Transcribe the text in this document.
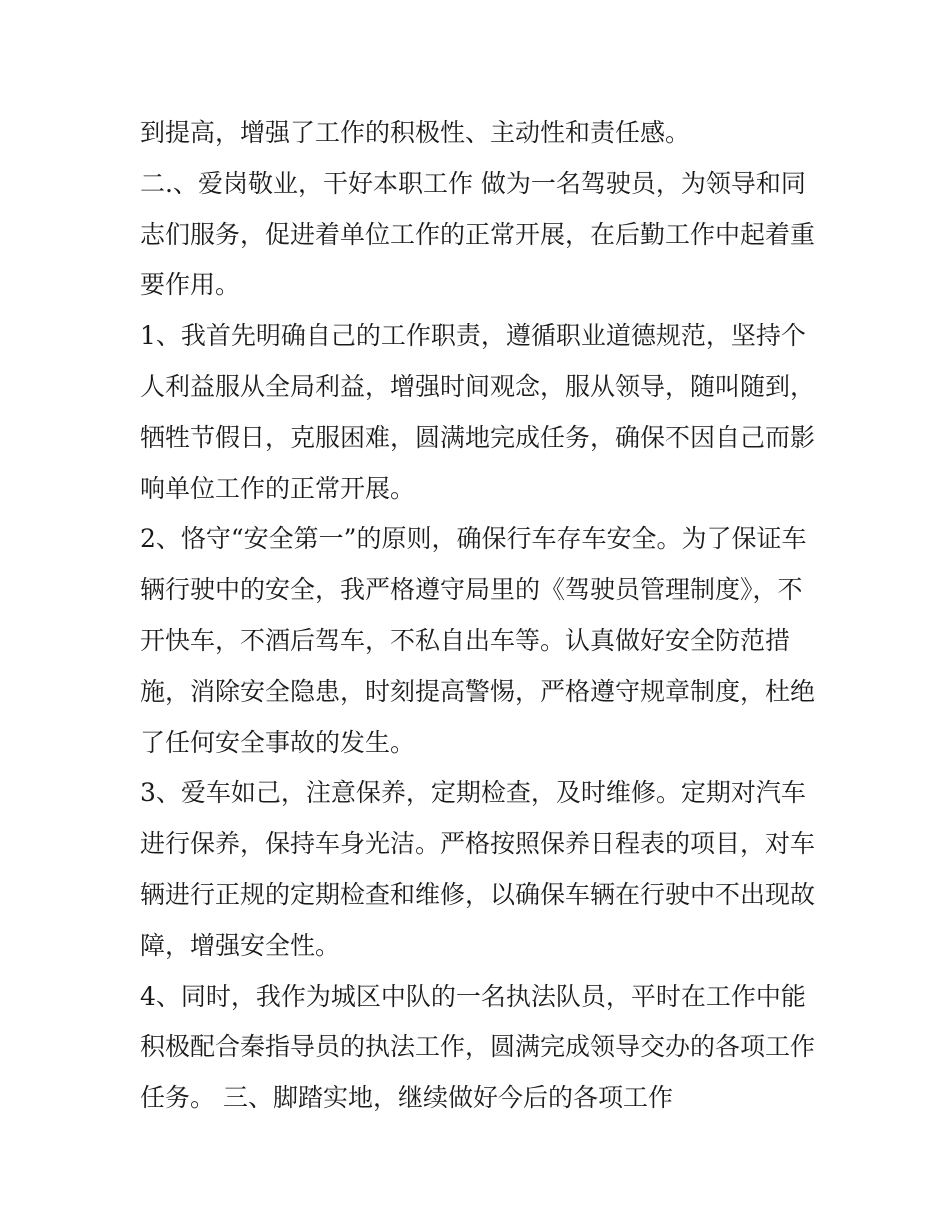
到提高，增强了工作的积极性、主动性和责任感。
二.、爱岗敬业，干好本职工作 做为一名驾驶员，为领导和同
志们服务，促进着单位工作的正常开展，在后勤工作中起着重
要作用。
1、我首先明确自己的工作职责，遵循职业道德规范，坚持个
人利益服从全局利益，增强时间观念，服从领导，随叫随到，
牺牲节假日，克服困难，圆满地完成任务，确保不因自己而影
响单位工作的正常开展。
2、恪守“安全第一”的原则，确保行车存车安全。为了保证车
辆行驶中的安全，我严格遵守局里的《驾驶员管理制度》，不
开快车，不酒后驾车，不私自出车等。认真做好安全防范措
施，消除安全隐患，时刻提高警惕，严格遵守规章制度，杜绝
了任何安全事故的发生。
3、爱车如己，注意保养，定期检查，及时维修。定期对汽车
进行保养，保持车身光洁。严格按照保养日程表的项目，对车
辆进行正规的定期检查和维修，以确保车辆在行驶中不出现故
障，增强安全性。
4、同时，我作为城区中队的一名执法队员，平时在工作中能
积极配合秦指导员的执法工作，圆满完成领导交办的各项工作
任务。 三、脚踏实地，继续做好今后的各项工作
